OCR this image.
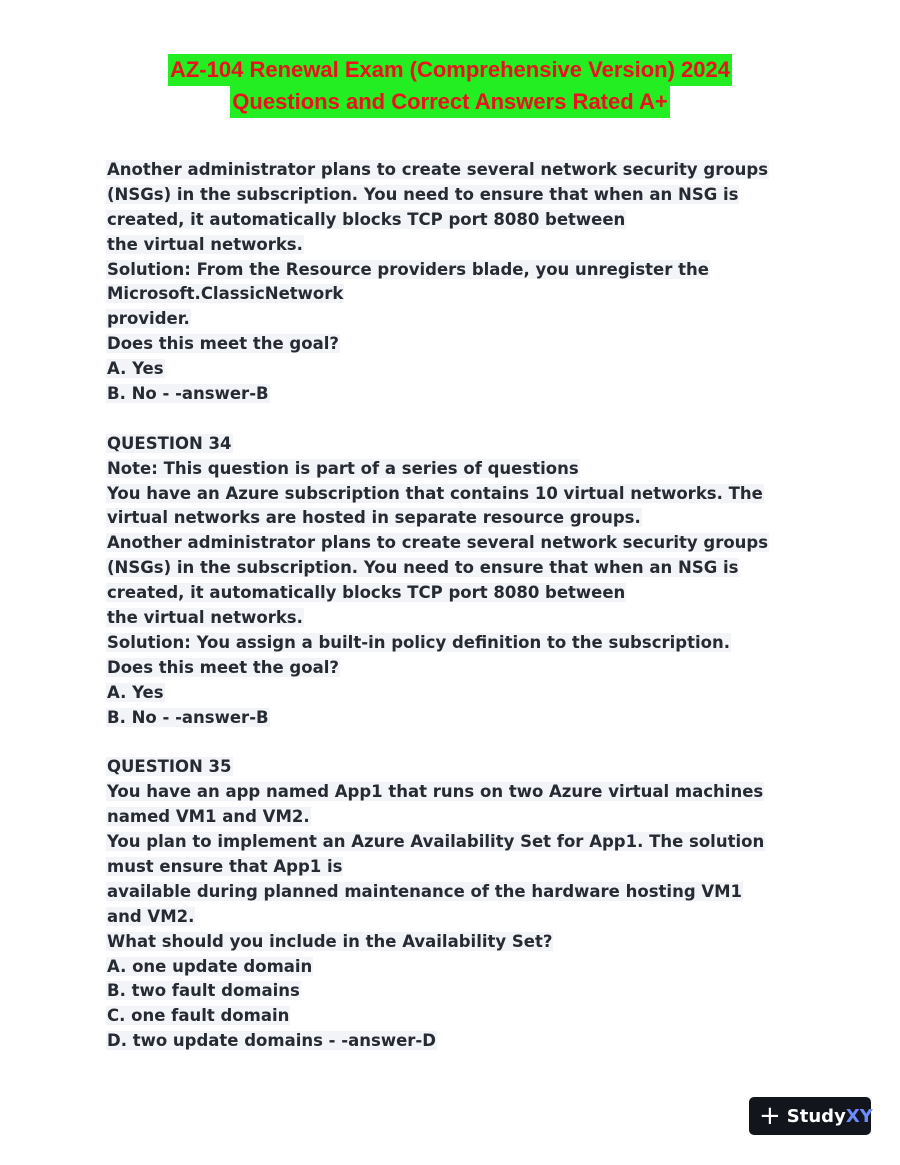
AZ-104 Renewal Exam (Comprehensive Version) 2024
Questions and Correct Answers Rated A+
Another administrator plans to create several network security groups
(NSGs) in the subscription. You need to ensure that when an NSG is
created, it automatically blocks TCP port 8080 between
the virtual networks.
Solution: From the Resource providers blade, you unregister the
Microsoft.ClassicNetwork
provider.
Does this meet the goal?
A. Yes
B. No - -answer-B
QUESTION 34
Note: This question is part of a series of questions
You have an Azure subscription that contains 10 virtual networks. The
virtual networks are hosted in separate resource groups.
Another administrator plans to create several network security groups
(NSGs) in the subscription. You need to ensure that when an NSG is
created, it automatically blocks TCP port 8080 between
the virtual networks.
Solution: You assign a built-in policy definition to the subscription.
Does this meet the goal?
A. Yes
B. No - -answer-B
QUESTION 35
You have an app named App1 that runs on two Azure virtual machines
named VM1 and VM2.
You plan to implement an Azure Availability Set for App1. The solution
must ensure that App1 is
available during planned maintenance of the hardware hosting VM1
and VM2.
What should you include in the Availability Set?
A. one update domain
B. two fault domains
C. one fault domain
D. two update domains - -answer-D
+ Study XY
